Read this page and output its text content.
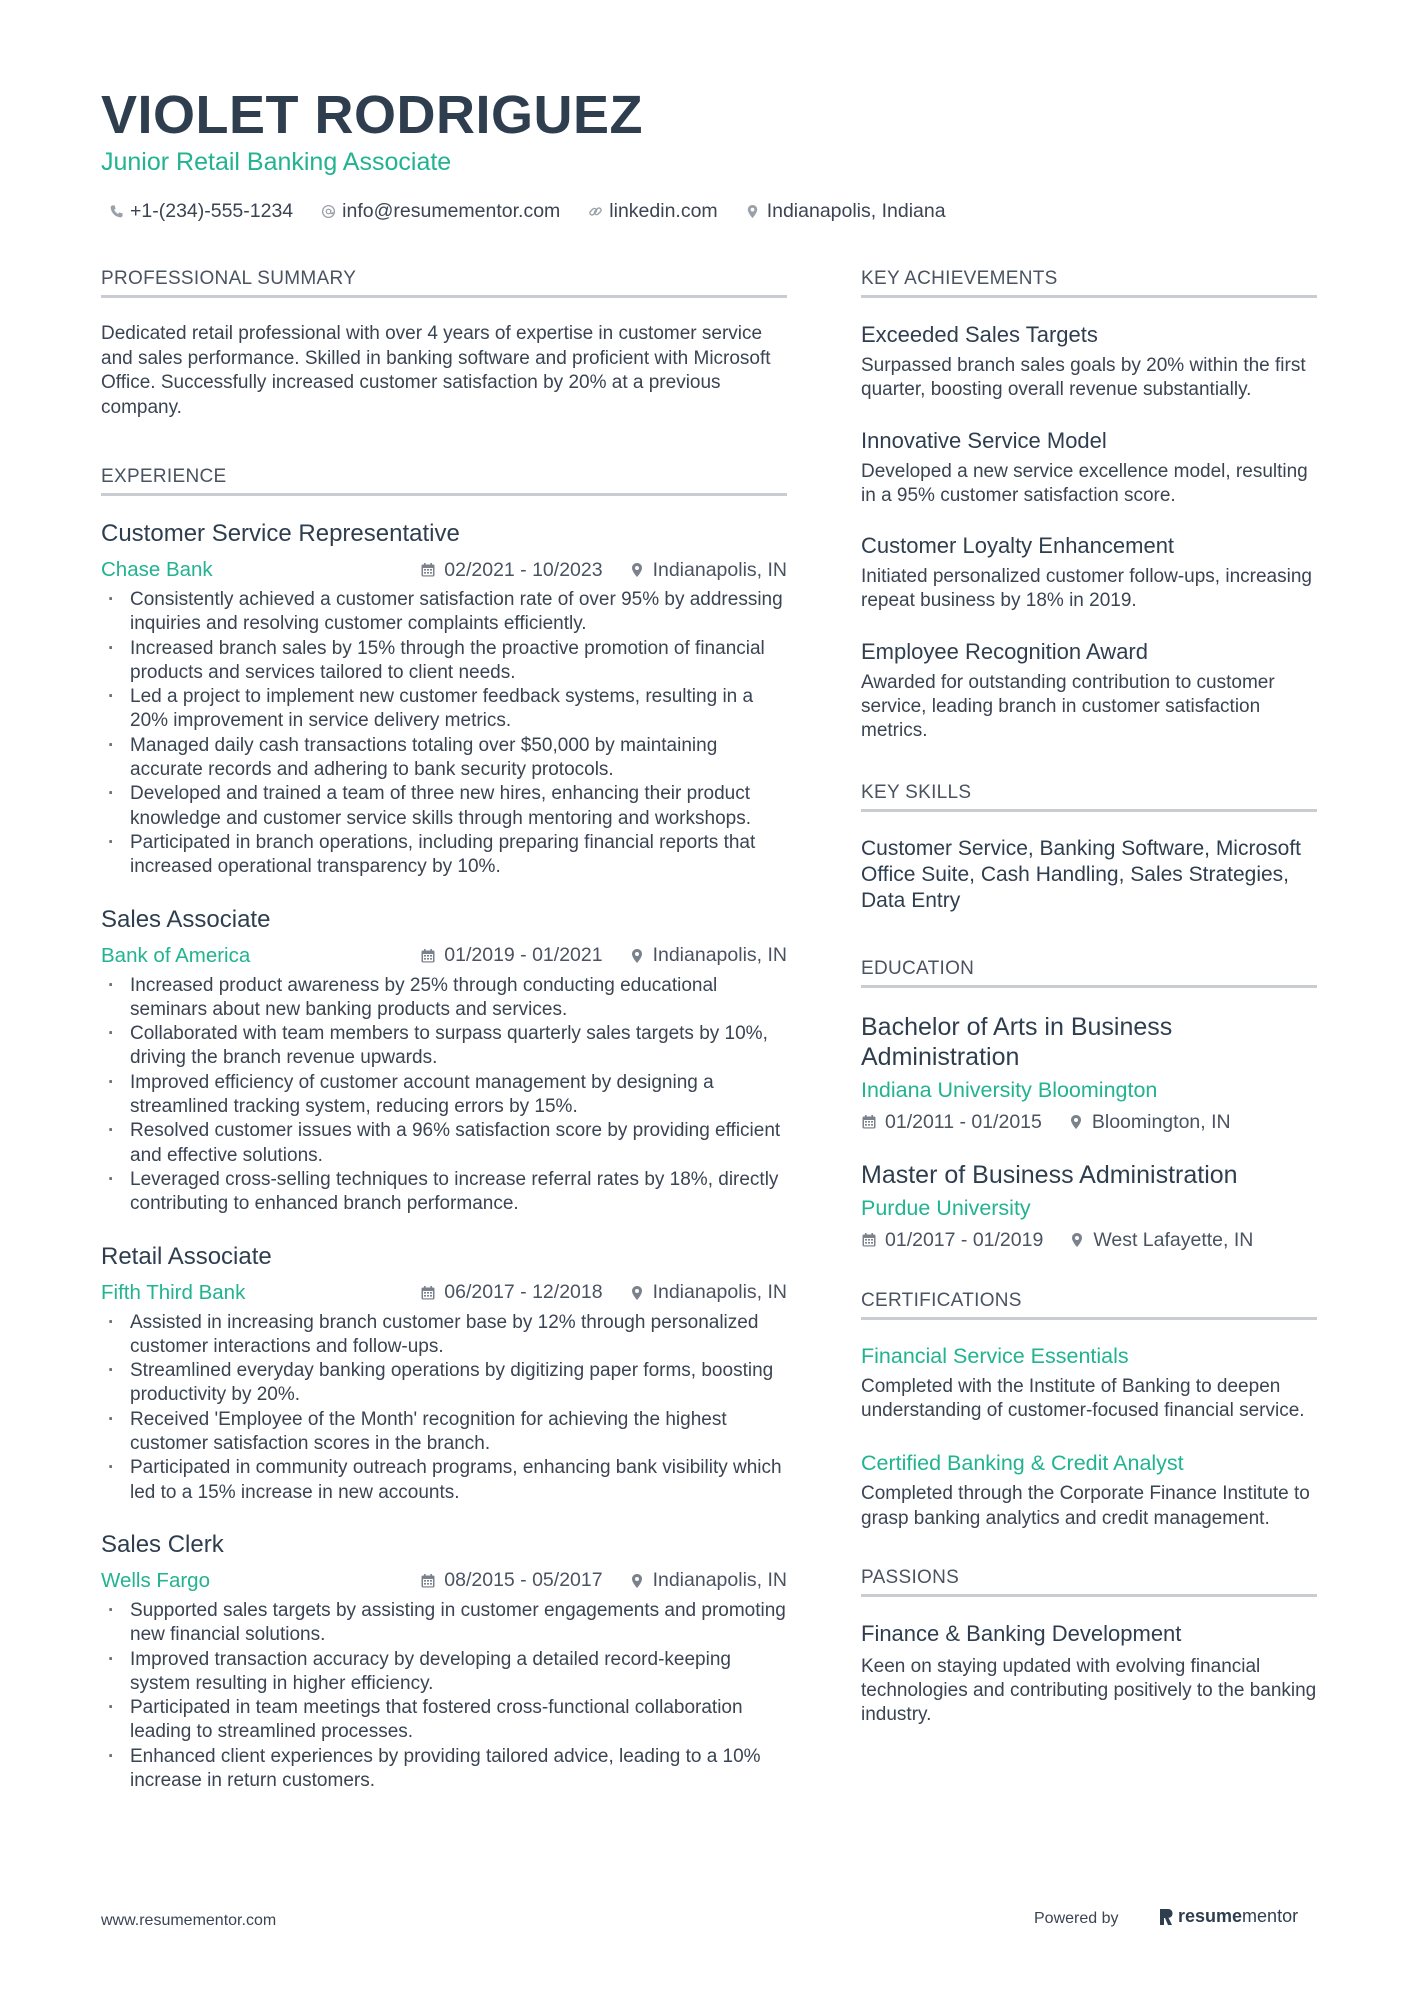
VIOLET RODRIGUEZ
Junior Retail Banking Associate
+1-(234)-555-1234	info@resumementor.com	linkedin.com	Indianapolis, Indiana
PROFESSIONAL SUMMARY

Dedicated retail professional with over 4 years of expertise in customer service and sales performance. Skilled in banking software and proficient with Microsoft Office. Successfully increased customer satisfaction by 20% at a previous company.

EXPERIENCE
Customer Service Representative
Chase Bank	02/2021 - 10/2023	Indianapolis, IN
· Consistently achieved a customer satisfaction rate of over 95% by addressing inquiries and resolving customer complaints efficiently.
· Increased branch sales by 15% through the proactive promotion of financial products and services tailored to client needs.
· Led a project to implement new customer feedback systems, resulting in a 20% improvement in service delivery metrics.
· Managed daily cash transactions totaling over $50,000 by maintaining accurate records and adhering to bank security protocols.
· Developed and trained a team of three new hires, enhancing their product knowledge and customer service skills through mentoring and workshops.
· Participated in branch operations, including preparing financial reports that increased operational transparency by 10%.
Sales Associate
Bank of America	01/2019 - 01/2021	Indianapolis, IN
· Increased product awareness by 25% through conducting educational seminars about new banking products and services.
· Collaborated with team members to surpass quarterly sales targets by 10%, driving the branch revenue upwards.
· Improved efficiency of customer account management by designing a streamlined tracking system, reducing errors by 15%.
· Resolved customer issues with a 96% satisfaction score by providing efficient and effective solutions.
· Leveraged cross-selling techniques to increase referral rates by 18%, directly contributing to enhanced branch performance.
Retail Associate
Fifth Third Bank	06/2017 - 12/2018	Indianapolis, IN
· Assisted in increasing branch customer base by 12% through personalized customer interactions and follow-ups.
· Streamlined everyday banking operations by digitizing paper forms, boosting productivity by 20%.
· Received 'Employee of the Month' recognition for achieving the highest customer satisfaction scores in the branch.
· Participated in community outreach programs, enhancing bank visibility which led to a 15% increase in new accounts.
Sales Clerk
Wells Fargo	08/2015 - 05/2017	Indianapolis, IN
· Supported sales targets by assisting in customer engagements and promoting new financial solutions.
· Improved transaction accuracy by developing a detailed record-keeping system resulting in higher efficiency.
· Participated in team meetings that fostered cross-functional collaboration leading to streamlined processes.
· Enhanced client experiences by providing tailored advice, leading to a 10% increase in return customers.
KEY ACHIEVEMENTS
Exceeded Sales Targets
Surpassed branch sales goals by 20% within the first quarter, boosting overall revenue substantially.
Innovative Service Model
Developed a new service excellence model, resulting in a 95% customer satisfaction score.
Customer Loyalty Enhancement
Initiated personalized customer follow-ups, increasing repeat business by 18% in 2019.
Employee Recognition Award
Awarded for outstanding contribution to customer service, leading branch in customer satisfaction metrics.
KEY SKILLS

Customer Service, Banking Software, Microsoft Office Suite, Cash Handling, Sales Strategies, Data Entry

EDUCATION
Bachelor of Arts in Business Administration
Indiana University Bloomington
01/2011 - 01/2015	Bloomington, IN
Master of Business Administration
Purdue University
01/2017 - 01/2019	West Lafayette, IN
CERTIFICATIONS
Financial Service Essentials
Completed with the Institute of Banking to deepen understanding of customer-focused financial service.
Certified Banking & Credit Analyst
Completed through the Corporate Finance Institute to grasp banking analytics and credit management.
PASSIONS
Finance & Banking Development
Keen on staying updated with evolving financial technologies and contributing positively to the banking industry.
www.resumementor.com	Powered by	resume mentor
